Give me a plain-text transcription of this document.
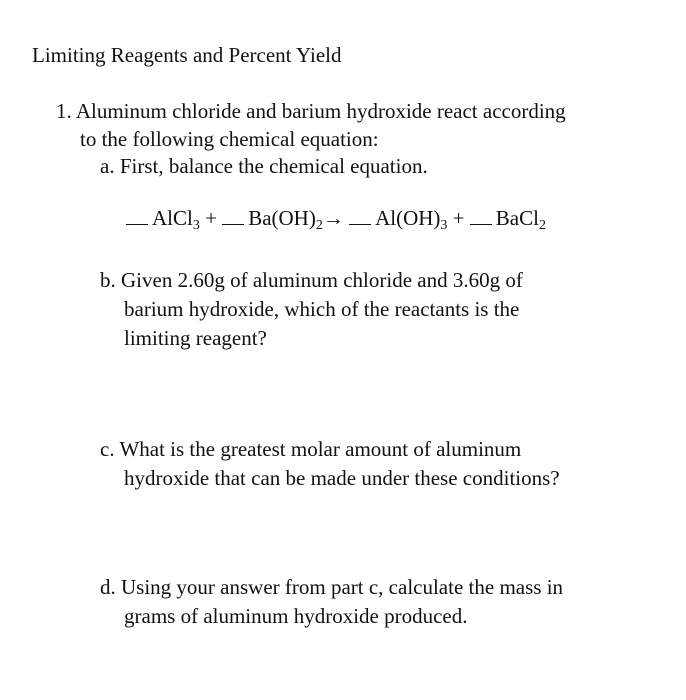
Limiting Reagents and Percent Yield
1. Aluminum chloride and barium hydroxide react according
to the following chemical equation:
a. First, balance the chemical equation.
AlCl$_3$ + $Ba(OH)_2\to Al(OH)_3$ + BaCl$_2$
b. Given 2.60g of aluminum chloride and 3.60g of
barium hydroxide, which of the reactants is the
limiting reagent?
c. What is the greatest molar amount of aluminum
hydroxide that can be made under these conditions?
d. Using your answer from part c, calculate the mass in
grams of aluminum hydroxide produced.
